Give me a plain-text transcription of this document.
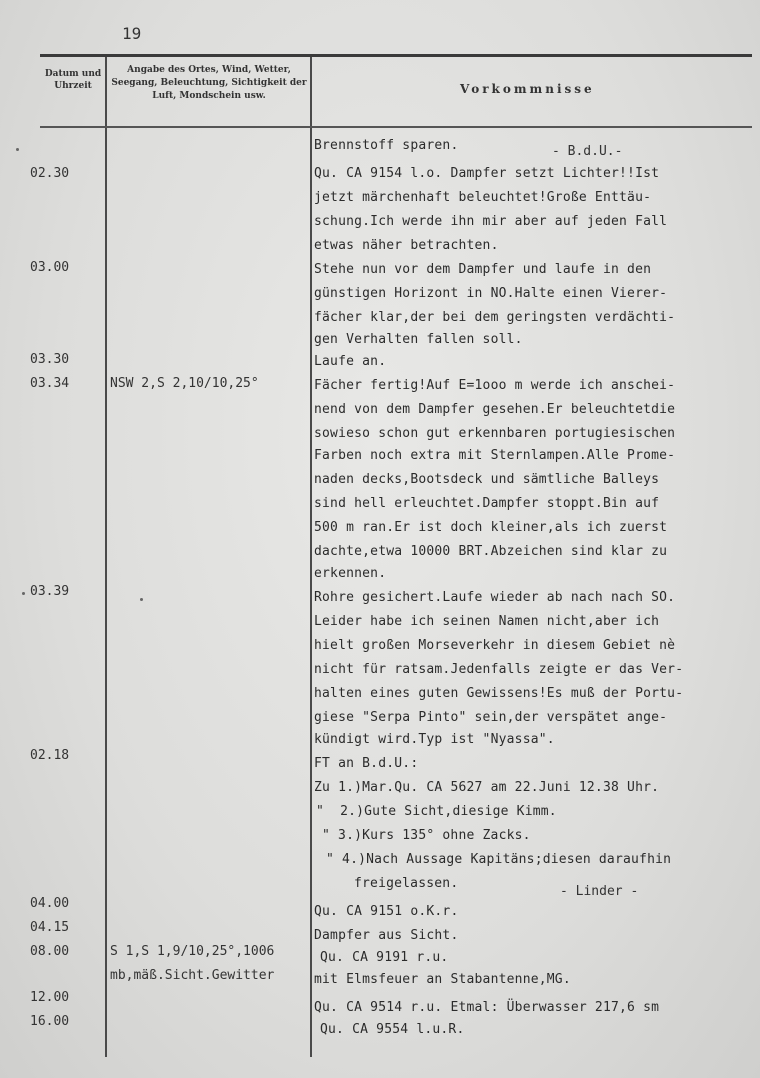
19
Datum und Uhrzeit
Angabe des Ortes, Wind, Wetter, Seegang, Beleuchtung, Sichtigkeit der Luft, Mondschein usw.	Vorkommnisse
02.30
03.00
03.30
03.34
03.39
02.18
04.00
04.15
08.00
12.00
16.00
NSW 2,S 2,10/10,25°
S 1,S 1,9/10,25°,1006
mb,mäß.Sicht.Gewitter
Brennstoff sparen.	- B.d.U.-
Qu. CA 9154 l.o. Dampfer setzt Lichter!!Ist
jetzt märchenhaft beleuchtet!Große Enttäu-
schung.Ich werde ihn mir aber auf jeden Fall
etwas näher betrachten.
Stehe nun vor dem Dampfer und laufe in den
günstigen Horizont in NO.Halte einen Vierer-
fächer klar,der bei dem geringsten verdächti-
gen Verhalten fallen soll.
Laufe an.
Fächer fertig!Auf E=1ooo m werde ich anschei-
nend von dem Dampfer gesehen.Er beleuchtetdie
sowieso schon gut erkennbaren portugiesischen
Farben noch extra mit Sternlampen.Alle Prome-
naden decks,Bootsdeck und sämtliche Balleys
sind hell erleuchtet.Dampfer stoppt.Bin auf
500 m ran.Er ist doch kleiner,als ich zuerst
dachte,etwa 10000 BRT.Abzeichen sind klar zu
erkennen.
Rohre gesichert.Laufe wieder ab nach nach SO.
Leider habe ich seinen Namen nicht,aber ich
hielt großen Morseverkehr in diesem Gebiet nè
nicht für ratsam.Jedenfalls zeigte er das Ver-
halten eines guten Gewissens!Es muß der Portu-
giese "Serpa Pinto" sein,der verspätet ange-
kündigt wird.Typ ist "Nyassa".
FT an B.d.U.:
Zu 1.)Mar.Qu. CA 5627 am 22.Juni 12.38 Uhr.
"  2.)Gute Sicht,diesige Kimm.
" 3.)Kurs 135° ohne Zacks.
" 4.)Nach Aussage Kapitäns;diesen daraufhin
freigelassen.
- Linder -
Qu. CA 9151 o.K.r.
Dampfer aus Sicht.
Qu. CA 9191 r.u.
mit Elmsfeuer an Stabantenne,MG.
Qu. CA 9514 r.u. Etmal: Überwasser 217,6 sm
Qu. CA 9554 l.u.R.
